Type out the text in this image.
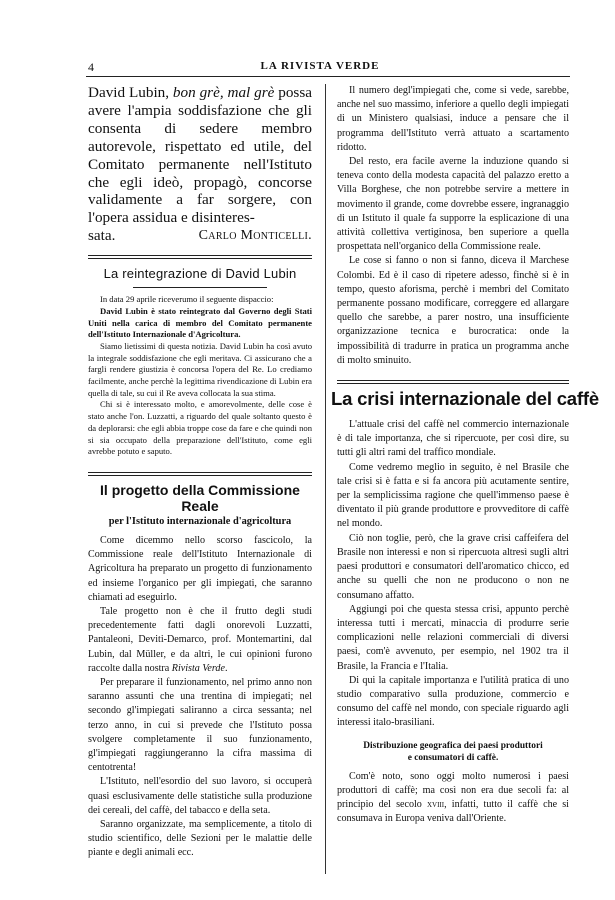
4	LA RIVISTA VERDE

David Lubin, bon grè, mal grè possa avere l'ampia soddisfazione che gli consenta di sedere membro autorevole, rispettato ed utile, del Comitato permanente nell'Istituto che egli ideò, propagò, concorse validamente a far sorgere, con l'opera assidua e disinteres-

sata.	Carlo Monticelli.
La reintegrazione di David Lubin

In data 29 aprile riceverumo il seguente dispaccio:

David Lubin è stato reintegrato dal Governo degli Stati Uniti nella carica di membro del Comitato permanente dell'Istituto Internazionale d'Agricoltura.

Siamo lietissimi di questa notizia. David Lubin ha così avuto la integrale soddisfazione che egli meritava. Ci assicurano che a fargli rendere giustizia è concorsa l'opera del Re. Lo crediamo facilmente, anche perchè la legittima rivendicazione di Lubin era quella di tale, su cui il Re aveva collocata la sua stima.

Chi si è interessato molto, e amorevolmente, delle cose è stato anche l'on. Luzzatti, a riguardo del quale soltanto questo è da deplorarsi: che egli abbia troppe cose da fare e che quindi non si sia occupato della preparazione dell'Istituto, come egli avrebbe potuto e saputo.

Il progetto della Commissione Reale
per l'Istituto internazionale d'agricoltura

Come dicemmo nello scorso fascicolo, la Commissione reale dell'Istituto Internazionale di Agricoltura ha preparato un progetto di funzionamento ed insieme l'organico per gli impiegati, che saranno chiamati ad eseguirlo.

Tale progetto non è che il frutto degli studi precedentemente fatti dagli onorevoli Luzzatti, Pantaleoni, Deviti-Demarco, prof. Montemartini, dal Lubin, dal Müller, e da altri, le cui opinioni furono raccolte dalla nostra Rivista Verde.

Per preparare il funzionamento, nel primo anno non saranno assunti che una trentina di impiegati; nel secondo gl'impiegati saliranno a circa sessanta; nel terzo anno, in cui si prevede che l'Istituto possa svolgere completamente il suo funzionamento, gl'impiegati raggiungeranno la cifra massima di centotrenta!

L'Istituto, nell'esordio del suo lavoro, si occuperà quasi esclusivamente delle statistiche sulla produzione dei cereali, del caffè, del tabacco e della seta.

Saranno organizzate, ma semplicemente, a titolo di studio scientifico, delle Sezioni per le malattie delle piante e degli animali ecc.

Il numero degl'impiegati che, come si vede, sarebbe, anche nel suo massimo, inferiore a quello degli impiegati di un Ministero qualsiasi, induce a pensare che il programma dell'Istituto verrà attuato a scartamento ridotto.

Del resto, era facile averne la induzione quando si teneva conto della modesta capacità del palazzo eretto a Villa Borghese, che non potrebbe servire a mettere in movimento il grande, come dovrebbe essere, ingranaggio di un Istituto il quale fa supporre la esplicazione di una attività collettiva vertiginosa, ben superiore a quella prospettata nell'organico della Commissione reale.

Le cose si fanno o non si fanno, diceva il Marchese Colombi. Ed è il caso di ripetere adesso, finchè si è in tempo, questo aforisma, perchè i membri del Comitato permanente possano modificare, correggere ed allargare quello che sarebbe, a parer nostro, una insufficiente organizzazione tecnica e burocratica: onde la impossibilità di tradurre in pratica un programma anche di molto sminuito.

La crisi internazionale del caffè

L'attuale crisi del caffè nel commercio internazionale è di tale importanza, che si ripercuote, per così dire, su tutti gli altri rami del traffico mondiale.

Come vedremo meglio in seguito, è nel Brasile che tale crisi si è fatta e si fa ancora più acutamente sentire, per la semplicissima ragione che quell'immenso paese è diventato il più grande produttore e provveditore di caffè nel mondo.

Ciò non toglie, però, che la grave crisi caffeifera del Brasile non interessi e non si ripercuota altresì sugli altri paesi produttori e consumatori dell'aromatico chicco, ed anche su quelli che non ne producono o non ne consumano affatto.

Aggiungi poi che questa stessa crisi, appunto perchè interessa tutti i mercati, minaccia di produrre serie complicazioni nelle relazioni commerciali di diversi paesi, com'è avvenuto, per esempio, nel 1902 tra il Brasile, la Francia e l'Italia.

Di qui la capitale importanza e l'utilità pratica di uno studio comparativo sulla produzione, commercio e consumo del caffè nel mondo, con speciale riguardo agli interessi italo-brasiliani.

Distribuzione geografica dei paesi produttori
e consumatori di caffè.

Com'è noto, sono oggi molto numerosi i paesi produttori di caffè; ma così non era due secoli fa: al principio del secolo xviii, infatti, tutto il caffè che si consumava in Europa veniva dall'Oriente.
